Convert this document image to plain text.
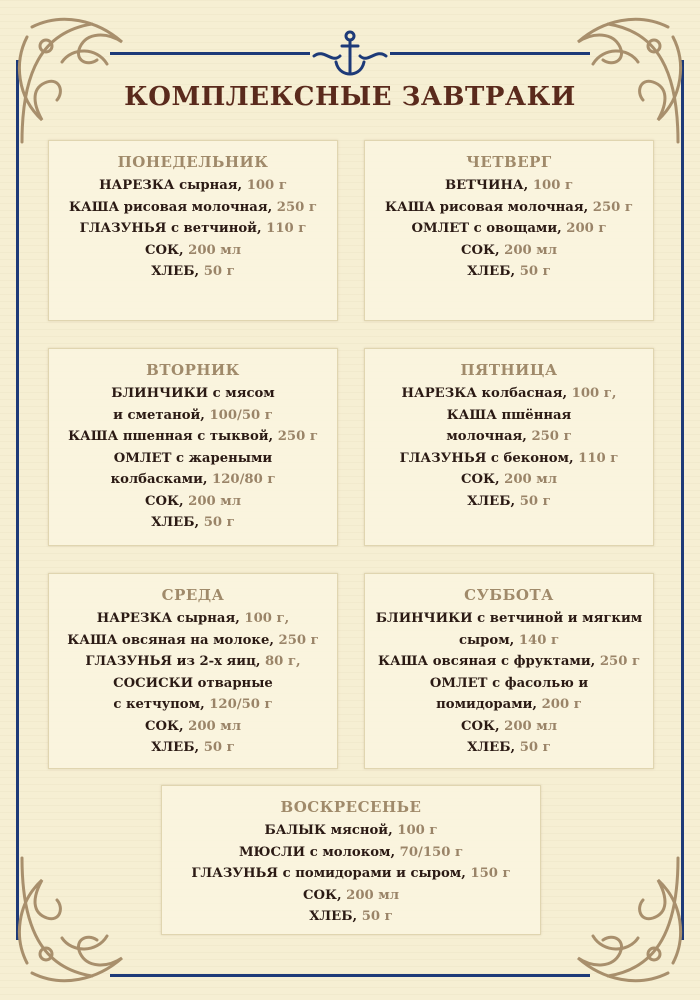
КОМПЛЕКСНЫЕ ЗАВТРАКИ
ПОНЕДЕЛЬНИК
НАРЕЗКА сырная, 100 г
КАША рисовая молочная, 250 г
ГЛАЗУНЬЯ с ветчиной, 110 г
СОК, 200 мл
ХЛЕБ, 50 г
ЧЕТВЕРГ
ВЕТЧИНА, 100 г
КАША рисовая молочная, 250 г
ОМЛЕТ с овощами, 200 г
СОК, 200 мл
ХЛЕБ, 50 г
ВТОРНИК
БЛИНЧИКИ с мясом
и сметаной, 100/50 г
КАША пшенная с тыквой, 250 г
ОМЛЕТ с жареными
колбасками, 120/80 г
СОК, 200 мл
ХЛЕБ, 50 г
ПЯТНИЦА
НАРЕЗКА колбасная, 100 г,
КАША пшённая
молочная, 250 г
ГЛАЗУНЬЯ с беконом, 110 г
СОК, 200 мл
ХЛЕБ, 50 г
СРЕДА
НАРЕЗКА сырная, 100 г,
КАША овсяная на молоке, 250 г
ГЛАЗУНЬЯ из 2-х яиц, 80 г,
СОСИСКИ отварные
с кетчупом, 120/50 г
СОК, 200 мл
ХЛЕБ, 50 г
СУББОТА
БЛИНЧИКИ с ветчиной и мягким
сыром, 140 г
КАША овсяная с фруктами, 250 г
ОМЛЕТ с фасолью и
помидорами, 200 г
СОК, 200 мл
ХЛЕБ, 50 г
ВОСКРЕСЕНЬЕ
БАЛЫК мясной, 100 г
МЮСЛИ с молоком, 70/150 г
ГЛАЗУНЬЯ с помидорами и сыром, 150 г
СОК, 200 мл
ХЛЕБ, 50 г
